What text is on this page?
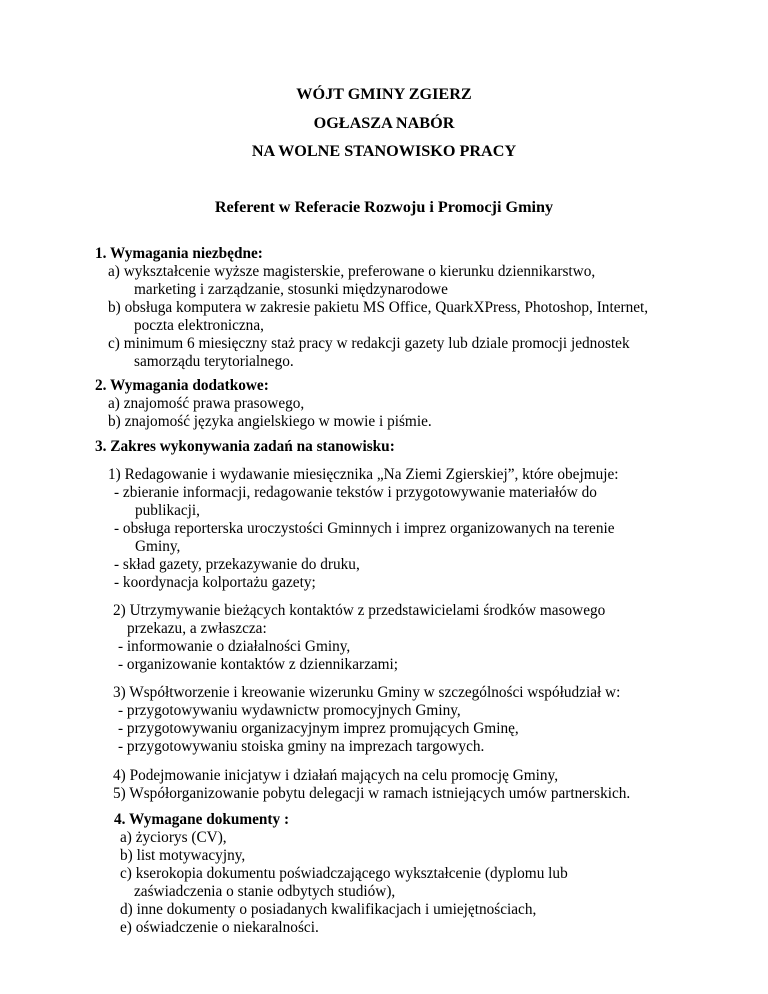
WÓJT GMINY ZGIERZ

OGŁASZA NABÓR

NA WOLNE STANOWISKO PRACY

Referent w Referacie Rozwoju i Promocji Gminy

1. Wymagania niezbędne:

a) wykształcenie wyższe magisterskie, preferowane o kierunku dziennikarstwo,

marketing i zarządzanie, stosunki międzynarodowe

b) obsługa komputera w zakresie pakietu MS Office, QuarkXPress, Photoshop, Internet,

poczta elektroniczna,

c) minimum 6 miesięczny staż pracy w redakcji gazety lub dziale promocji jednostek

samorządu terytorialnego.

2. Wymagania dodatkowe:

a) znajomość prawa prasowego,

b) znajomość języka angielskiego w mowie i piśmie.

3. Zakres wykonywania zadań na stanowisku:

1) Redagowanie i wydawanie miesięcznika „Na Ziemi Zgierskiej”, które obejmuje:

- zbieranie informacji, redagowanie tekstów i przygotowywanie materiałów do

publikacji,

- obsługa reporterska uroczystości Gminnych i imprez organizowanych na terenie

Gminy,

- skład gazety, przekazywanie do druku,

- koordynacja kolportażu gazety;

2) Utrzymywanie bieżących kontaktów z przedstawicielami środków masowego

przekazu, a zwłaszcza:

- informowanie o działalności Gminy,

- organizowanie kontaktów z dziennikarzami;

3) Współtworzenie i kreowanie wizerunku Gminy w szczególności współudział w:

- przygotowywaniu wydawnictw promocyjnych Gminy,

- przygotowywaniu organizacyjnym imprez promujących Gminę,

- przygotowywaniu stoiska gminy na imprezach targowych.

4) Podejmowanie inicjatyw i działań mających na celu promocję Gminy,

5) Współorganizowanie pobytu delegacji w ramach istniejących umów partnerskich.

4. Wymagane dokumenty :

a) życiorys (CV),

b) list motywacyjny,

c) kserokopia dokumentu poświadczającego wykształcenie (dyplomu lub

zaświadczenia o stanie odbytych studiów),

d) inne dokumenty o posiadanych kwalifikacjach i umiejętnościach,

e) oświadczenie o niekaralności.
